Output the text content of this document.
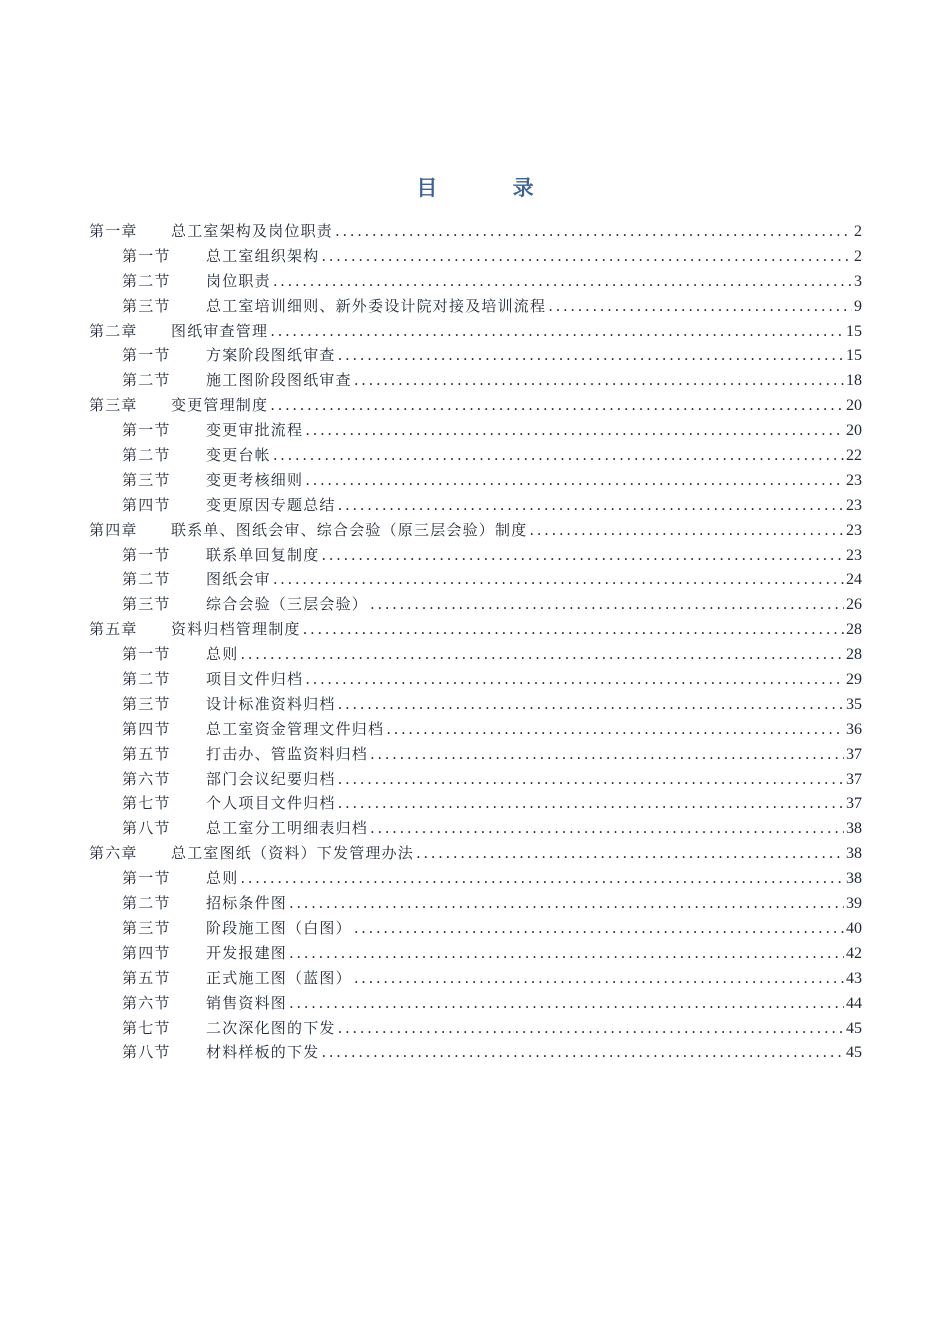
目 录
第一章	总工室架构及岗位职责 .....	2
第一节	总工室组织架构 .....	2
第二节	岗位职责 .....	3
第三节	总工室培训细则、新外委设计院对接及培训流程 .....	9
第二章	图纸审查管理 .....	15
第一节	方案阶段图纸审查 .....	15
第二节	施工图阶段图纸审查 .....	18
第三章	变更管理制度 .....	20
第一节	变更审批流程 .....	20
第二节	变更台帐 .....	22
第三节	变更考核细则 .....	23
第四节	变更原因专题总结 .....	23
第四章	联系单、图纸会审、综合会验（原三层会验）制度 .....	23
第一节	联系单回复制度 .....	23
第二节	图纸会审 .....	24
第三节	综合会验（三层会验） .....	26
第五章	资料归档管理制度 .....	28
第一节	总则 .....	28
第二节	项目文件归档 .....	29
第三节	设计标准资料归档 .....	35
第四节	总工室资金管理文件归档 .....	36
第五节	打击办、管监资料归档 .....	37
第六节	部门会议纪要归档 .....	37
第七节	个人项目文件归档 .....	37
第八节	总工室分工明细表归档 .....	38
第六章	总工室图纸（资料）下发管理办法 .....	38
第一节	总则 .....	38
第二节	招标条件图 .....	39
第三节	阶段施工图（白图） .....	40
第四节	开发报建图 .....	42
第五节	正式施工图（蓝图） .....	43
第六节	销售资料图 .....	44
第七节	二次深化图的下发 .....	45
第八节	材料样板的下发 .....	45
